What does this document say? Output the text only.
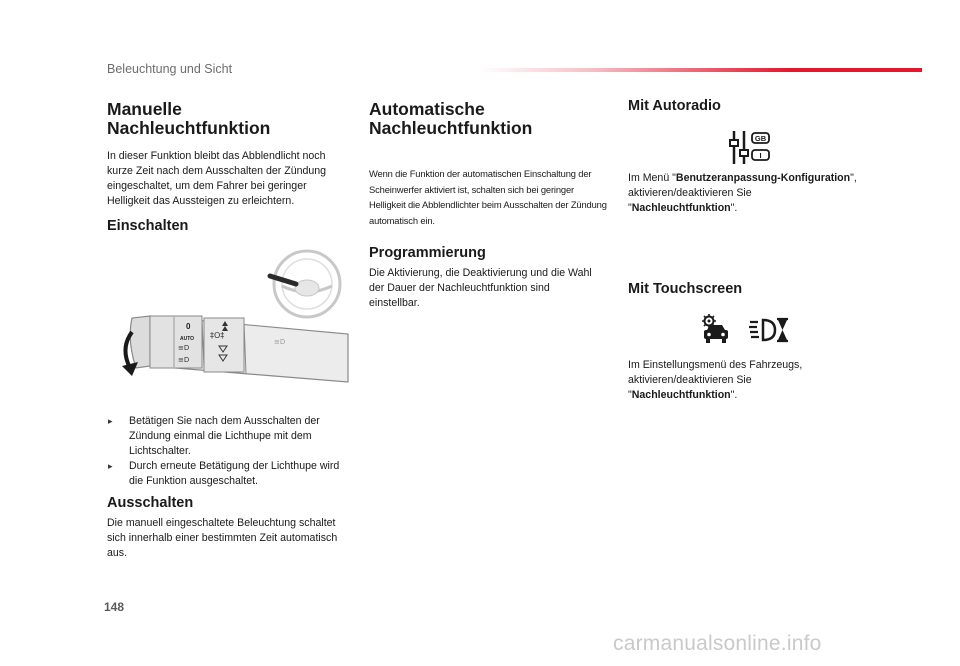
Beleuchtung und Sicht
Manuelle
Nachleuchtfunktion

In dieser Funktion bleibt das Abblendlicht noch kurze Zeit nach dem Ausschalten der Zündung eingeschaltet, um dem Fahrer bei geringer Helligkeit das Aussteigen zu erleichtern.

Einschalten
0
AUTO
≡D
≡D
‡O‡
≡D
▸ Betätigen Sie nach dem Ausschalten der Zündung einmal die Lichthupe mit dem Lichtschalter.
▸ Durch erneute Betätigung der Lichthupe wird die Funktion ausgeschaltet.
Ausschalten

Die manuell eingeschaltete Beleuchtung schaltet sich innerhalb einer bestimmten Zeit automatisch aus.

Automatische
Nachleuchtfunktion

Wenn die Funktion der automatischen Einschaltung der Scheinwerfer aktiviert ist, schalten sich bei geringer Helligkeit die Abblendlichter beim Ausschalten der Zündung automatisch ein.

Programmierung

Die Aktivierung, die Deaktivierung und die Wahl der Dauer der Nachleuchtfunktion sind einstellbar.

Mit Autoradio
GB
I

Im Menü "Benutzeranpassung-Konfiguration", aktivieren/deaktivieren Sie "Nachleuchtfunktion".

Mit Touchscreen

Im Einstellungsmenü des Fahrzeugs, aktivieren/deaktivieren Sie "Nachleuchtfunktion".

148
carmanualsonline.info
